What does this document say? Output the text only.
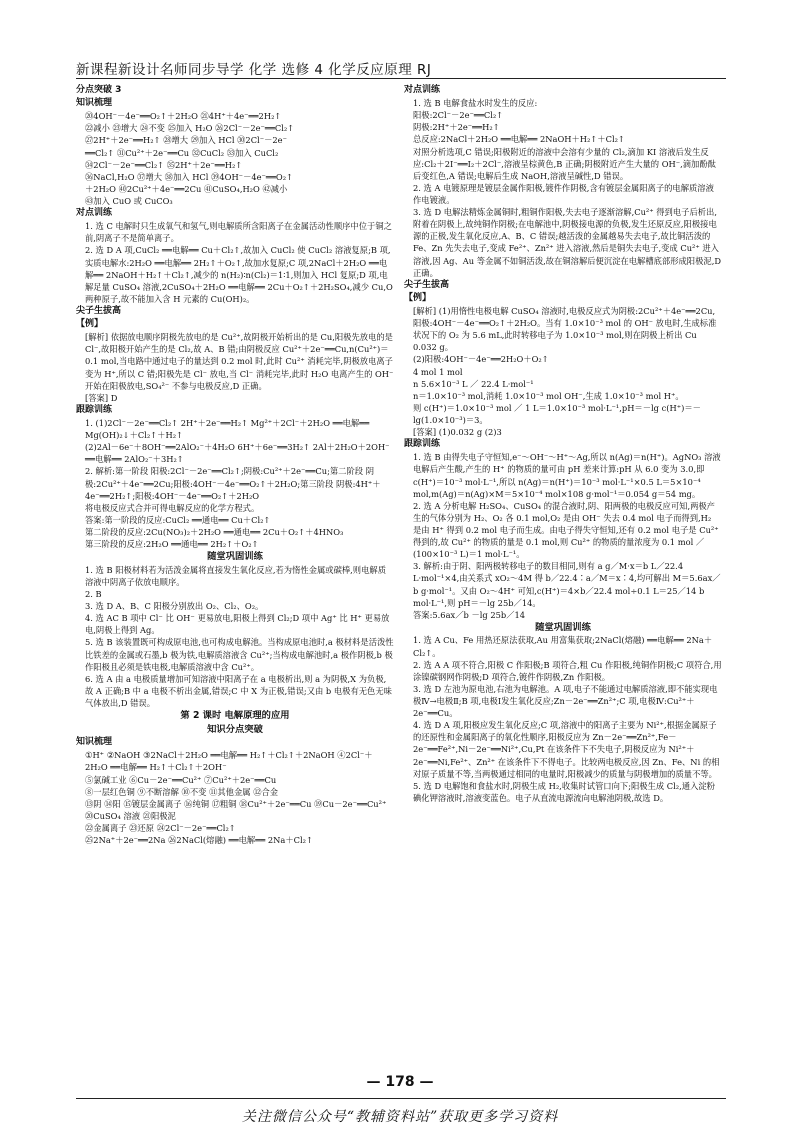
新课程新设计名师同步导学 化学 选修 4 化学反应原理 RJ

分点突破 3

知识梳理

⑳4OH⁻－4e⁻══O₂↑＋2H₂O ㉑4H⁺＋4e⁻══2H₂↑

㉒减小 ㉓增大 ㉔不变 ㉕加入 H₂O ㉖2Cl⁻－2e⁻══Cl₂↑

㉗2H⁺＋2e⁻══H₂↑ ㉘增大 ㉙加入 HCl ㉚2Cl⁻－2e⁻

══Cl₂↑ ㉛Cu²⁺＋2e⁻══Cu ㉜CuCl₂ ㉝加入 CuCl₂

㉞2Cl⁻－2e⁻══Cl₂↑ ㉟2H⁺＋2e⁻══H₂↑

㊱NaCl,H₂O ㊲增大 ㊳加入 HCl ㊴4OH⁻－4e⁻══O₂↑

＋2H₂O ㊵2Cu²⁺＋4e⁻══2Cu ㊶CuSO₄,H₂O ㊷减小

㊸加入 CuO 或 CuCO₃

对点训练

1. 选 C 电解时只生成氧气和氢气,则电解质所含阳离子在金属活动性顺序中位于铜之前,阴离子不是简单离子。

2. 选 D A 项,CuCl₂ ══电解══ Cu＋Cl₂↑,故加入 CuCl₂ 使 CuCl₂ 溶液复原;B 项,实质电解水:2H₂O ══电解══ 2H₂↑＋O₂↑,故加水复原;C 项,2NaCl＋2H₂O ══电解══ 2NaOH＋H₂↑＋Cl₂↑,减少的 n(H₂)∶n(Cl₂)＝1∶1,则加入 HCl 复原;D 项,电解足量 CuSO₄ 溶液,2CuSO₄＋2H₂O ══电解══ 2Cu＋O₂↑＋2H₂SO₄,减少 Cu,O 两种原子,故不能加入含 H 元素的 Cu(OH)₂。

尖子生拔高

【例】

[解析] 依据放电顺序阴极先放电的是 Cu²⁺,故阴极开始析出的是 Cu,阳极先放电的是 Cl⁻,故阳极开始产生的是 Cl₂,故 A、B 错;由阴极反应 Cu²⁺＋2e⁻══Cu,n(Cu²⁺)＝0.1 mol,当电路中通过电子的量达到 0.2 mol 时,此时 Cu²⁺ 消耗完毕,阴极放电离子变为 H⁺,所以 C 错;阳极先是 Cl⁻ 放电,当 Cl⁻ 消耗完毕,此时 H₂O 电离产生的 OH⁻ 开始在阳极放电,SO₄²⁻ 不参与电极反应,D 正确。

[答案] D

跟踪训练

1. (1)2Cl⁻－2e⁻══Cl₂↑ 2H⁺＋2e⁻══H₂↑ Mg²⁺＋2Cl⁻＋2H₂O ══电解══ Mg(OH)₂↓＋Cl₂↑＋H₂↑

(2)2Al－6e⁻＋8OH⁻══2AlO₂⁻＋4H₂O 6H⁺＋6e⁻══3H₂↑ 2Al＋2H₂O＋2OH⁻ ══电解══ 2AlO₂⁻＋3H₂↑

2. 解析:第一阶段 阳极:2Cl⁻－2e⁻══Cl₂↑;阴极:Cu²⁺＋2e⁻══Cu;第二阶段 阴极:2Cu²⁺＋4e⁻══2Cu;阳极:4OH⁻－4e⁻══O₂↑＋2H₂O;第三阶段 阴极:4H⁺＋4e⁻══2H₂↑;阳极:4OH⁻－4e⁻══O₂↑＋2H₂O

将电极反应式合并可得电解反应的化学方程式。

答案:第一阶段的反应:CuCl₂ ══通电══ Cu＋Cl₂↑

第二阶段的反应:2Cu(NO₃)₂＋2H₂O ══通电══ 2Cu＋O₂↑＋4HNO₃

第三阶段的反应:2H₂O ══通电══ 2H₂↑＋O₂↑

随堂巩固训练

1. 选 B 阳极材料若为活泼金属将直接发生氧化反应,若为惰性金属或碳棒,则电解质溶液中阴离子依放电顺序。

2. B

3. 选 D A、B、C 阳极分别放出 O₂、Cl₂、O₂。

4. 选 AC B 项中 Cl⁻ 比 OH⁻ 更易放电,阳极上得到 Cl₂;D 项中 Ag⁺ 比 H⁺ 更易放电,阴极上得到 Ag。

5. 选 B 该装置既可构成原电池,也可构成电解池。当构成原电池时,a 极材料是活泼性比铁差的金属或石墨,b 极为铁,电解质溶液含 Cu²⁺;当构成电解池时,a 极作阴极,b 极作阳极且必须是铁电极,电解质溶液中含 Cu²⁺。

6. 选 A 由 a 电极质量增加可知溶液中阳离子在 a 电极析出,则 a 为阴极,X 为负极,故 A 正确;B 中 a 电极不析出金属,错误;C 中 X 为正极,错误;又由 b 电极有无色无味气体放出,D 错误。

第 2 课时 电解原理的应用

知识分点突破

知识梳理

①H⁺ ②NaOH ③2NaCl＋2H₂O ══电解══ H₂↑＋Cl₂↑＋2NaOH ④2Cl⁻＋2H₂O ══电解══ H₂↑＋Cl₂↑＋2OH⁻

⑤氯碱工业 ⑥Cu－2e⁻══Cu²⁺ ⑦Cu²⁺＋2e⁻══Cu

⑧一层红色铜 ⑨不断溶解 ⑩不变 ⑪其他金属 ⑫合金

⑬阴 ⑭阳 ⑮镀层金属离子 ⑯纯铜 ⑰粗铜 ⑱Cu²⁺＋2e⁻══Cu ⑲Cu－2e⁻══Cu²⁺ ⑳CuSO₄ 溶液 ㉑阳极泥

㉒金属离子 ㉓还原 ㉔2Cl⁻－2e⁻══Cl₂↑

㉕2Na⁺＋2e⁻══2Na ㉖2NaCl(熔融) ══电解══ 2Na＋Cl₂↑

对点训练

1. 选 B 电解食盐水时发生的反应:

阳极:2Cl⁻－2e⁻══Cl₂↑

阴极:2H⁺＋2e⁻══H₂↑

总反应:2NaCl＋2H₂O ══电解══ 2NaOH＋H₂↑＋Cl₂↑

对照分析选项,C 错误;阳极附近的溶液中会溶有少量的 Cl₂,滴加 KI 溶液后发生反应:Cl₂＋2I⁻══I₂＋2Cl⁻,溶液呈棕黄色,B 正确;阴极附近产生大量的 OH⁻,滴加酚酞后变红色,A 错误;电解后生成 NaOH,溶液呈碱性,D 错误。

2. 选 A 电镀原理是镀层金属作阳极,镀件作阴极,含有镀层金属阳离子的电解质溶液作电镀液。

3. 选 D 电解法精炼金属铜时,粗铜作阳极,失去电子逐渐溶解,Cu²⁺ 得到电子后析出,附着在阴极上,故纯铜作阴极;在电解池中,阴极接电源的负极,发生还原反应,阳极接电源的正极,发生氧化反应,A、B、C 错误;越活泼的金属越易失去电子,故比铜活泼的 Fe、Zn 先失去电子,变成 Fe²⁺、Zn²⁺ 进入溶液,然后是铜失去电子,变成 Cu²⁺ 进入溶液,因 Ag、Au 等金属不如铜活泼,故在铜溶解后便沉淀在电解槽底部形成阳极泥,D 正确。

尖子生拔高

【例】

[解析] (1)用惰性电极电解 CuSO₄ 溶液时,电极反应式为阴极:2Cu²⁺＋4e⁻══2Cu,阳极:4OH⁻－4e⁻══O₂↑＋2H₂O。当有 1.0×10⁻³ mol 的 OH⁻ 放电时,生成标准状况下的 O₂ 为 5.6 mL,此时转移电子为 1.0×10⁻³ mol,则在阴极上析出 Cu 0.032 g。

(2)阳极:4OH⁻－4e⁻══2H₂O＋O₂↑

4 mol 1 mol

n 5.6×10⁻³ L ／ 22.4 L·mol⁻¹

n＝1.0×10⁻³ mol,消耗 1.0×10⁻³ mol OH⁻,生成 1.0×10⁻³ mol H⁺。

则 c(H⁺)＝1.0×10⁻³ mol ／ 1 L＝1.0×10⁻³ mol·L⁻¹,pH＝－lg c(H⁺)＝－lg(1.0×10⁻³)＝3。

[答案] (1)0.032 g (2)3

跟踪训练

1. 选 B 由得失电子守恒知,e⁻～OH⁻～H⁺～Ag,所以 n(Ag)＝n(H⁺)。AgNO₃ 溶液电解后产生酸,产生的 H⁺ 的物质的量可由 pH 差来计算:pH 从 6.0 变为 3.0,即 c(H⁺)＝10⁻³ mol·L⁻¹,所以 n(Ag)＝n(H⁺)＝10⁻³ mol·L⁻¹×0.5 L＝5×10⁻⁴ mol,m(Ag)＝n(Ag)×M＝5×10⁻⁴ mol×108 g·mol⁻¹＝0.054 g＝54 mg。

2. 选 A 分析电解 H₂SO₄、CuSO₄ 的混合液时,阴、阳两极的电极反应可知,两极产生的气体分别为 H₂、O₂ 各 0.1 mol,O₂ 是由 OH⁻ 失去 0.4 mol 电子而得到,H₂ 是由 H⁺ 得到 0.2 mol 电子而生成。由电子得失守恒知,还有 0.2 mol 电子是 Cu²⁺ 得到的,故 Cu²⁺ 的物质的量是 0.1 mol,则 Cu²⁺ 的物质的量浓度为 0.1 mol ／ (100×10⁻³ L)＝1 mol·L⁻¹。

3. 解析:由于阴、阳两极转移电子的数目相同,则有 a g／M·x＝b L／22.4 L·mol⁻¹×4,由关系式 xO₂～4M 得 b／22.4∶a／M＝x∶4,均可解出 M＝5.6ax／b g·mol⁻¹。又由 O₂～4H⁺ 可知,c(H⁺)＝4×b／22.4 mol÷0.1 L＝25／14 b mol·L⁻¹,则 pH＝－lg 25b／14。

答案:5.6ax／b －lg 25b／14

随堂巩固训练

1. 选 A Cu、Fe 用热还原法获取,Au 用富集获取;2NaCl(熔融) ══电解══ 2Na＋Cl₂↑。

2. 选 A A 项不符合,阳极 C 作阳极;B 项符合,粗 Cu 作阳极,纯铜作阴极;C 项符合,用涂镍碳钢网作阴极;D 项符合,镀件作阴极,Zn 作阳极。

3. 选 D 左池为原电池,右池为电解池。A 项,电子不能通过电解质溶液,即不能实现电极Ⅳ→电极Ⅱ;B 项,电极Ⅰ发生氧化反应;Zn－2e⁻══Zn²⁺;C 项,电极Ⅳ:Cu²⁺＋2e⁻══Cu。

4. 选 D A 项,阳极应发生氧化反应;C 项,溶液中的阳离子主要为 Ni²⁺,根据金属原子的还原性和金属阳离子的氧化性顺序,阳极反应为 Zn－2e⁻══Zn²⁺,Fe－2e⁻══Fe²⁺,Ni－2e⁻══Ni²⁺,Cu,Pt 在该条件下不失电子,阴极反应为 Ni²⁺＋2e⁻══Ni,Fe²⁺、Zn²⁺ 在该条件下不得电子。比较两电极反应,因 Zn、Fe、Ni 的相对原子质量不等,当两极通过相同的电量时,阳极减少的质量与阴极增加的质量不等。

5. 选 D 电解饱和食盐水时,阴极生成 H₂,收集时试管口向下;阳极生成 Cl₂,通入淀粉碘化钾溶液时,溶液变蓝色。电子从直流电源流向电解池阴极,故选 D。

— 178 —
关注微信公众号“教辅资料站”获取更多学习资料
